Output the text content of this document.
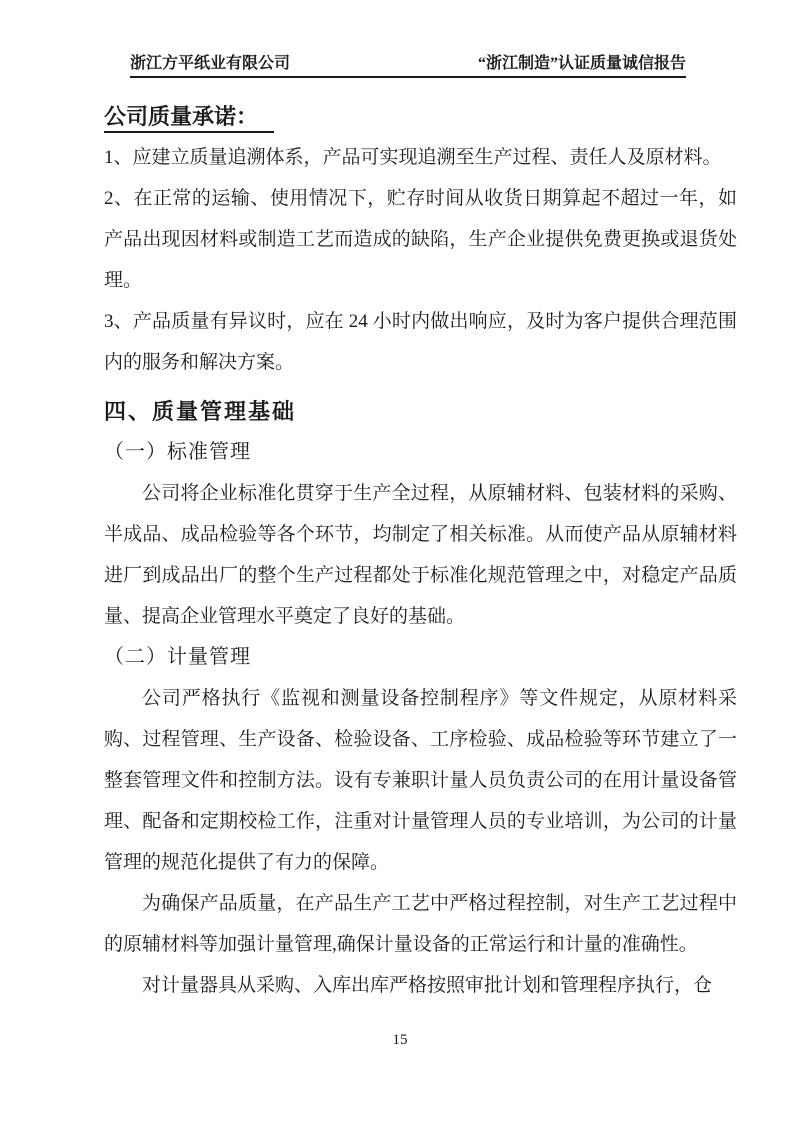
浙江方平纸业有限公司	“浙江制造”认证质量诚信报告

公司质量承诺：

1、应建立质量追溯体系，产品可实现追溯至生产过程、责任人及原材料。

2、在正常的运输、使用情况下，贮存时间从收货日期算起不超过一年，如产品出现因材料或制造工艺而造成的缺陷，生产企业提供免费更换或退货处理。

3、产品质量有异议时，应在 24 小时内做出响应，及时为客户提供合理范围内的服务和解决方案。

四、质量管理基础

（一）标准管理

公司将企业标准化贯穿于生产全过程，从原辅材料、包装材料的采购、半成品、成品检验等各个环节，均制定了相关标准。从而使产品从原辅材料进厂到成品出厂的整个生产过程都处于标准化规范管理之中，对稳定产品质量、提高企业管理水平奠定了良好的基础。

（二）计量管理

公司严格执行《监视和测量设备控制程序》等文件规定，从原材料采购、过程管理、生产设备、检验设备、工序检验、成品检验等环节建立了一整套管理文件和控制方法。设有专兼职计量人员负责公司的在用计量设备管理、配备和定期校检工作，注重对计量管理人员的专业培训，为公司的计量管理的规范化提供了有力的保障。

为确保产品质量，在产品生产工艺中严格过程控制，对生产工艺过程中的原辅材料等加强计量管理,确保计量设备的正常运行和计量的准确性。

对计量器具从采购、入库出库严格按照审批计划和管理程序执行，仓

15
